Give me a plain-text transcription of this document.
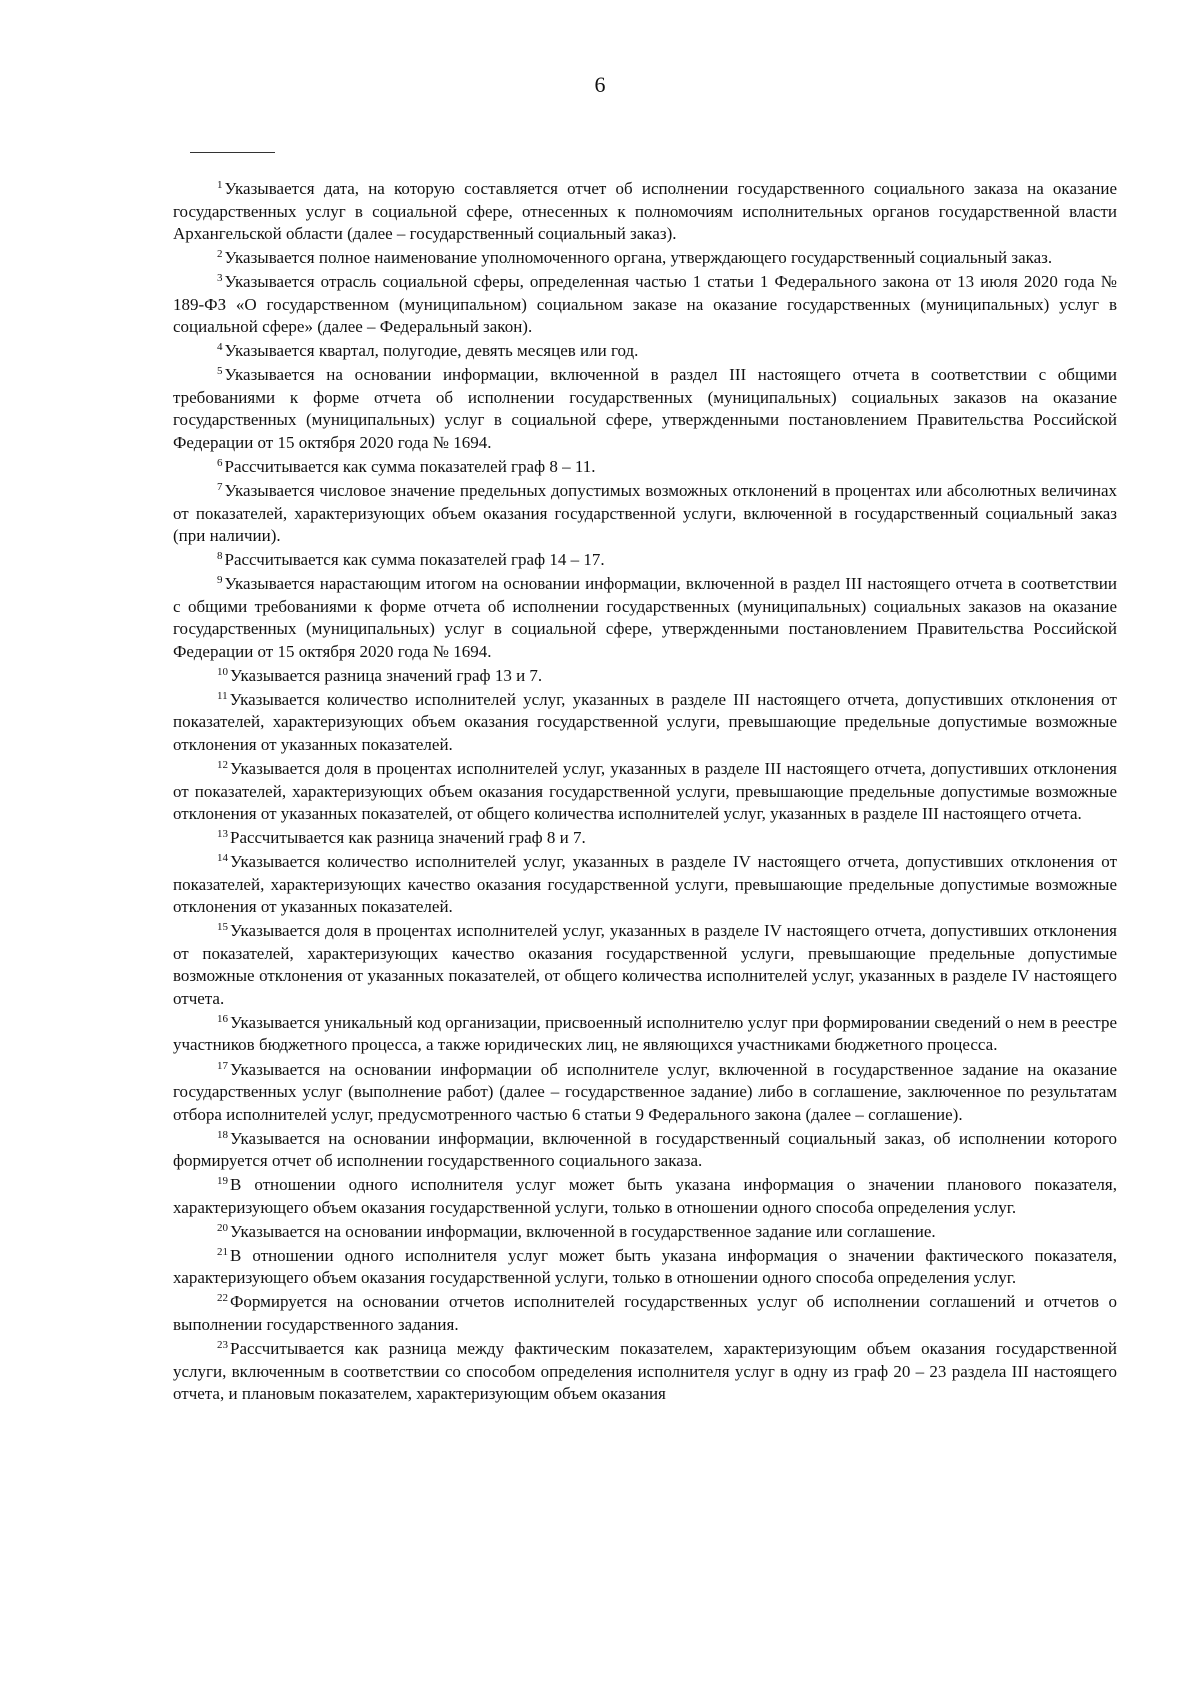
6

$^1$ Указывается дата, на которую составляется отчет об исполнении государственного социального заказа на оказание государственных услуг в социальной сфере, отнесенных к полномочиям исполнительных органов государственной власти Архангельской области (далее – государственный социальный заказ).

$^2$ Указывается полное наименование уполномоченного органа, утверждающего государственный социальный заказ.

$^3$ Указывается отрасль социальной сферы, определенная частью 1 статьи 1 Федерального закона от 13 июля 2020 года № 189-ФЗ «О государственном (муниципальном) социальном заказе на оказание государственных (муниципальных) услуг в социальной сфере» (далее – Федеральный закон).

$^4$ Указывается квартал, полугодие, девять месяцев или год.

$^5$ Указывается на основании информации, включенной в раздел III настоящего отчета в соответствии с общими требованиями к форме отчета об исполнении государственных (муниципальных) социальных заказов на оказание государственных (муниципальных) услуг в социальной сфере, утвержденными постановлением Правительства Российской Федерации от 15 октября 2020 года № 1694.

$^6$ Рассчитывается как сумма показателей граф 8 – 11.

$^7$ Указывается числовое значение предельных допустимых возможных отклонений в процентах или абсолютных величинах от показателей, характеризующих объем оказания государственной услуги, включенной в государственный социальный заказ (при наличии).

$^8$ Рассчитывается как сумма показателей граф 14 – 17.

$^9$ Указывается нарастающим итогом на основании информации, включенной в раздел III настоящего отчета в соответствии с общими требованиями к форме отчета об исполнении государственных (муниципальных) социальных заказов на оказание государственных (муниципальных) услуг в социальной сфере, утвержденными постановлением Правительства Российской Федерации от 15 октября 2020 года № 1694.

$^{10}$ Указывается разница значений граф 13 и 7.

$^{11}$ Указывается количество исполнителей услуг, указанных в разделе III настоящего отчета, допустивших отклонения от показателей, характеризующих объем оказания государственной услуги, превышающие предельные допустимые возможные отклонения от указанных показателей.

$^{12}$ Указывается доля в процентах исполнителей услуг, указанных в разделе III настоящего отчета, допустивших отклонения от показателей, характеризующих объем оказания государственной услуги, превышающие предельные допустимые возможные отклонения от указанных показателей, от общего количества исполнителей услуг, указанных в разделе III настоящего отчета.

$^{13}$ Рассчитывается как разница значений граф 8 и 7.

$^{14}$ Указывается количество исполнителей услуг, указанных в разделе IV настоящего отчета, допустивших отклонения от показателей, характеризующих качество оказания государственной услуги, превышающие предельные допустимые возможные отклонения от указанных показателей.

$^{15}$ Указывается доля в процентах исполнителей услуг, указанных в разделе IV настоящего отчета, допустивших отклонения от показателей, характеризующих качество оказания государственной услуги, превышающие предельные допустимые возможные отклонения от указанных показателей, от общего количества исполнителей услуг, указанных в разделе IV настоящего отчета.

$^{16}$ Указывается уникальный код организации, присвоенный исполнителю услуг при формировании сведений о нем в реестре участников бюджетного процесса, а также юридических лиц, не являющихся участниками бюджетного процесса.

$^{17}$ Указывается на основании информации об исполнителе услуг, включенной в государственное задание на оказание государственных услуг (выполнение работ) (далее – государственное задание) либо в соглашение, заключенное по результатам отбора исполнителей услуг, предусмотренного частью 6 статьи 9 Федерального закона (далее – соглашение).

$^{18}$ Указывается на основании информации, включенной в государственный социальный заказ, об исполнении которого формируется отчет об исполнении государственного социального заказа.

$^{19}$ В отношении одного исполнителя услуг может быть указана информация о значении планового показателя, характеризующего объем оказания государственной услуги, только в отношении одного способа определения услуг.

$^{20}$ Указывается на основании информации, включенной в государственное задание или соглашение.

$^{21}$ В отношении одного исполнителя услуг может быть указана информация о значении фактического показателя, характеризующего объем оказания государственной услуги, только в отношении одного способа определения услуг.

$^{22}$ Формируется на основании отчетов исполнителей государственных услуг об исполнении соглашений и отчетов о выполнении государственного задания.

$^{23}$ Рассчитывается как разница между фактическим показателем, характеризующим объем оказания государственной услуги, включенным в соответствии со способом определения исполнителя услуг в одну из граф 20 – 23 раздела III настоящего отчета, и плановым показателем, характеризующим объем оказания
